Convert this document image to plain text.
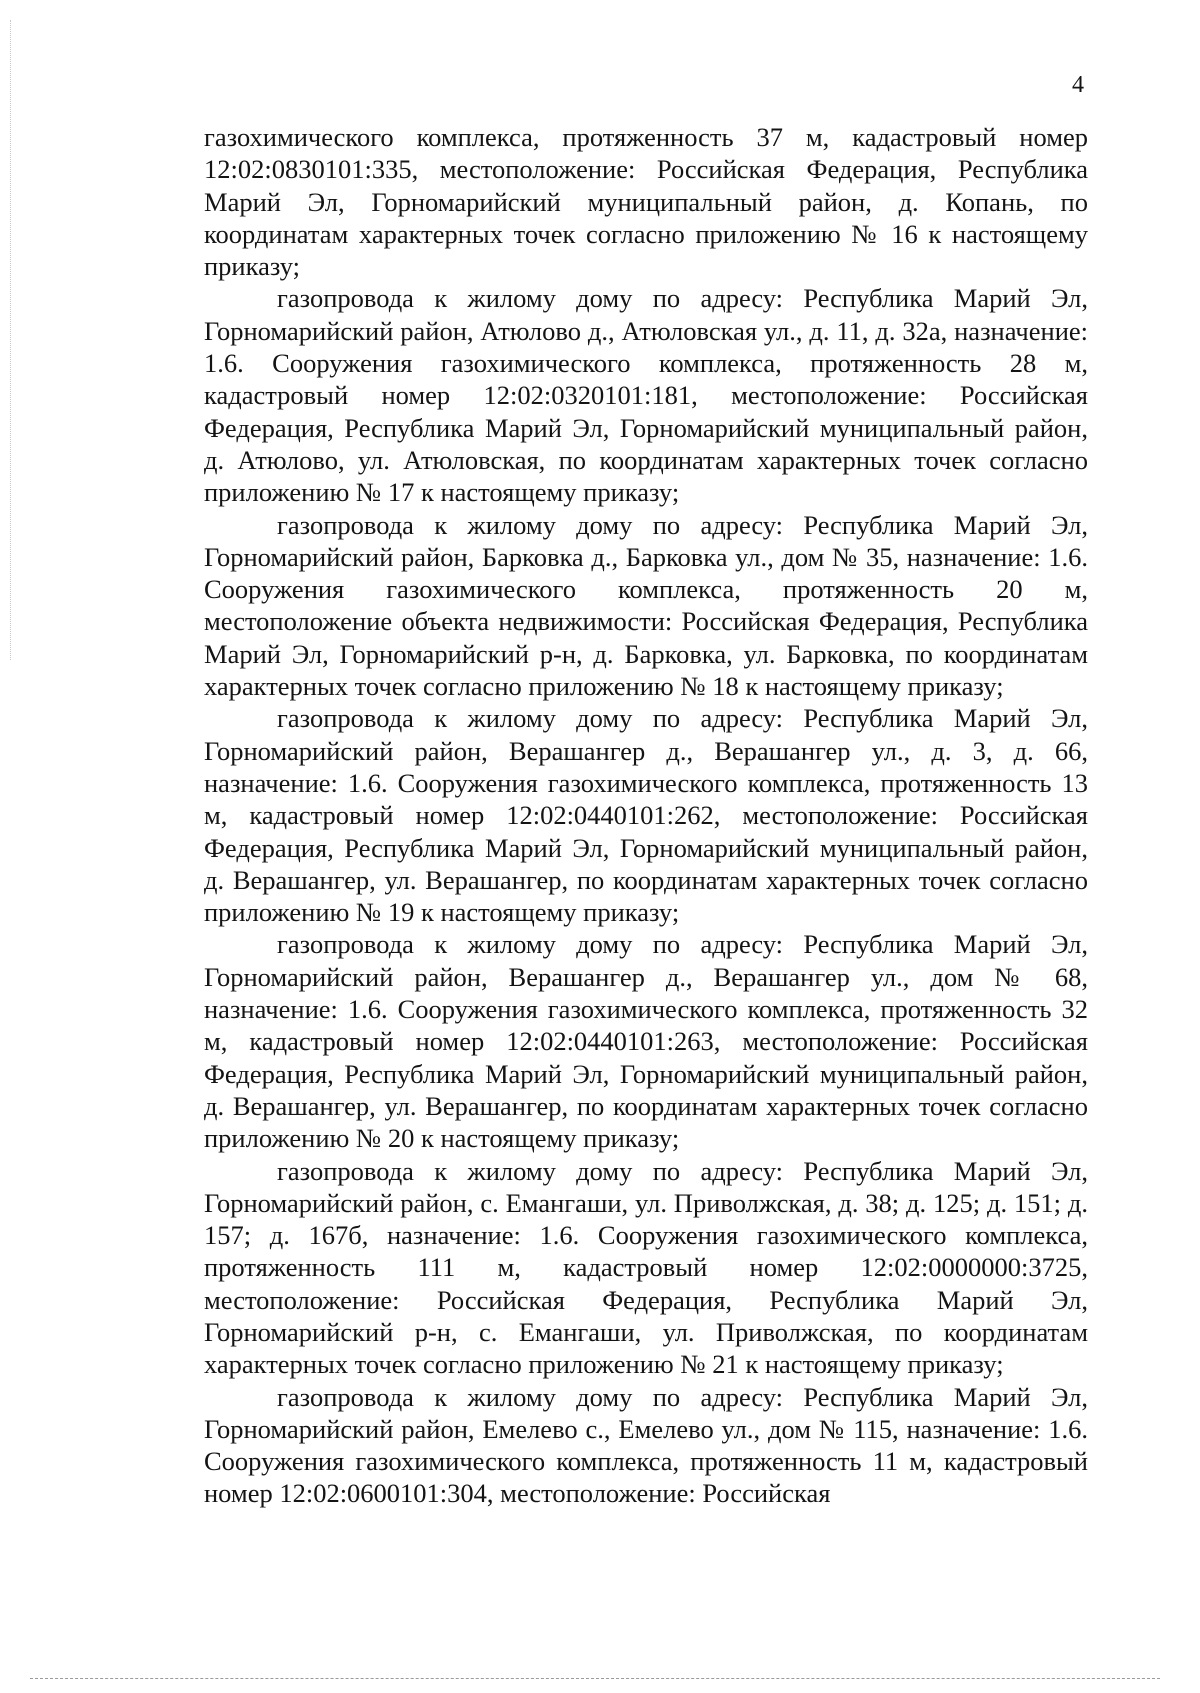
4

газохимического комплекса, протяженность 37 м, кадастровый номер 12:02:0830101:335, местоположение: Российская Федерация, Республика Марий Эл, Горномарийский муниципальный район, д. Копань, по координатам характерных точек согласно приложению № 16 к настоящему приказу;

газопровода к жилому дому по адресу: Республика Марий Эл, Горномарийский район, Атюлово д., Атюловская ул., д. 11, д. 32а, назначение: 1.6. Сооружения газохимического комплекса, протяженность 28 м, кадастровый номер 12:02:0320101:181, местоположение: Российская Федерация, Республика Марий Эл, Горномарийский муниципальный район, д. Атюлово, ул. Атюловская, по координатам характерных точек согласно приложению № 17 к настоящему приказу;

газопровода к жилому дому по адресу: Республика Марий Эл, Горномарийский район, Барковка д., Барковка ул., дом № 35, назначение: 1.6. Сооружения газохимического комплекса, протяженность 20 м, местоположение объекта недвижимости: Российская Федерация, Республика Марий Эл, Горномарийский р-н, д. Барковка, ул. Барковка, по координатам характерных точек согласно приложению № 18 к настоящему приказу;

газопровода к жилому дому по адресу: Республика Марий Эл, Горномарийский район, Верашангер д., Верашангер ул., д. 3, д. 66, назначение: 1.6. Сооружения газохимического комплекса, протяженность 13 м, кадастровый номер 12:02:0440101:262, местоположение: Российская Федерация, Республика Марий Эл, Горномарийский муниципальный район, д. Верашангер, ул. Верашангер, по координатам характерных точек согласно приложению № 19 к настоящему приказу;

газопровода к жилому дому по адресу: Республика Марий Эл, Горномарийский район, Верашангер д., Верашангер ул., дом № 68, назначение: 1.6. Сооружения газохимического комплекса, протяженность 32 м, кадастровый номер 12:02:0440101:263, местоположение: Российская Федерация, Республика Марий Эл, Горномарийский муниципальный район, д. Верашангер, ул. Верашангер, по координатам характерных точек согласно приложению № 20 к настоящему приказу;

газопровода к жилому дому по адресу: Республика Марий Эл, Горномарийский район, с. Емангаши, ул. Приволжская, д. 38; д. 125; д. 151; д. 157; д. 167б, назначение: 1.6. Сооружения газохимического комплекса, протяженность 111 м, кадастровый номер 12:02:0000000:3725, местоположение: Российская Федерация, Республика Марий Эл, Горномарийский р-н, с. Емангаши, ул. Приволжская, по координатам характерных точек согласно приложению № 21 к настоящему приказу;

газопровода к жилому дому по адресу: Республика Марий Эл, Горномарийский район, Емелево с., Емелево ул., дом № 115, назначение: 1.6. Сооружения газохимического комплекса, протяженность 11 м, кадастровый номер 12:02:0600101:304, местоположение: Российская
